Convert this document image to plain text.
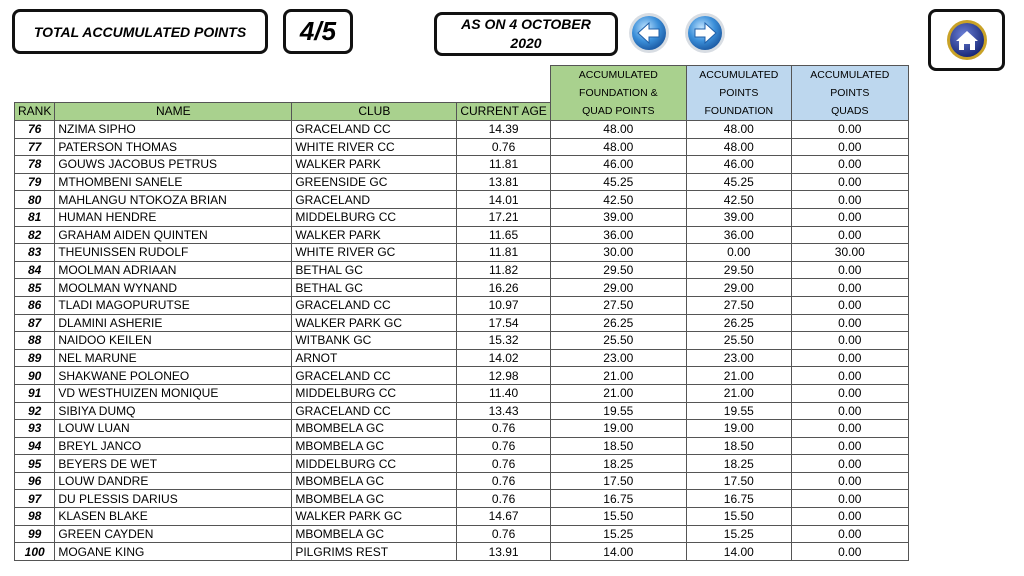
TOTAL ACCUMULATED POINTS 4/5	AS ON 4 OCTOBER
2020
				ACCUMULATED	ACCUMULATED	ACCUMULATED
				FOUNDATION &	POINTS	POINTS
RANK	NAME	CLUB	CURRENT AGE	QUAD POINTS	FOUNDATION	QUADS
76	NZIMA SIPHO	GRACELAND CC	14.39	48.00	48.00	0.00
77	PATERSON THOMAS	WHITE RIVER CC	0.76	48.00	48.00	0.00
78	GOUWS JACOBUS PETRUS	WALKER PARK	11.81	46.00	46.00	0.00
79	MTHOMBENI SANELE	GREENSIDE GC	13.81	45.25	45.25	0.00
80	MAHLANGU NTOKOZA BRIAN	GRACELAND	14.01	42.50	42.50	0.00
81	HUMAN HENDRE	MIDDELBURG CC	17.21	39.00	39.00	0.00
82	GRAHAM AIDEN QUINTEN	WALKER PARK	11.65	36.00	36.00	0.00
83	THEUNISSEN RUDOLF	WHITE RIVER GC	11.81	30.00	0.00	30.00
84	MOOLMAN ADRIAAN	BETHAL GC	11.82	29.50	29.50	0.00
85	MOOLMAN WYNAND	BETHAL GC	16.26	29.00	29.00	0.00
86	TLADI MAGOPURUTSE	GRACELAND CC	10.97	27.50	27.50	0.00
87	DLAMINI ASHERIE	WALKER PARK GC	17.54	26.25	26.25	0.00
88	NAIDOO KEILEN	WITBANK GC	15.32	25.50	25.50	0.00
89	NEL MARUNE	ARNOT	14.02	23.00	23.00	0.00
90	SHAKWANE POLONEO	GRACELAND CC	12.98	21.00	21.00	0.00
91	VD WESTHUIZEN MONIQUE	MIDDELBURG CC	11.40	21.00	21.00	0.00
92	SIBIYA DUMQ	GRACELAND CC	13.43	19.55	19.55	0.00
93	LOUW LUAN	MBOMBELA GC	0.76	19.00	19.00	0.00
94	BREYL JANCO	MBOMBELA GC	0.76	18.50	18.50	0.00
95	BEYERS DE WET	MIDDELBURG CC	0.76	18.25	18.25	0.00
96	LOUW DANDRE	MBOMBELA GC	0.76	17.50	17.50	0.00
97	DU PLESSIS DARIUS	MBOMBELA GC	0.76	16.75	16.75	0.00
98	KLASEN BLAKE	WALKER PARK GC	14.67	15.50	15.50	0.00
99	GREEN CAYDEN	MBOMBELA GC	0.76	15.25	15.25	0.00
100	MOGANE KING	PILGRIMS REST	13.91	14.00	14.00	0.00
